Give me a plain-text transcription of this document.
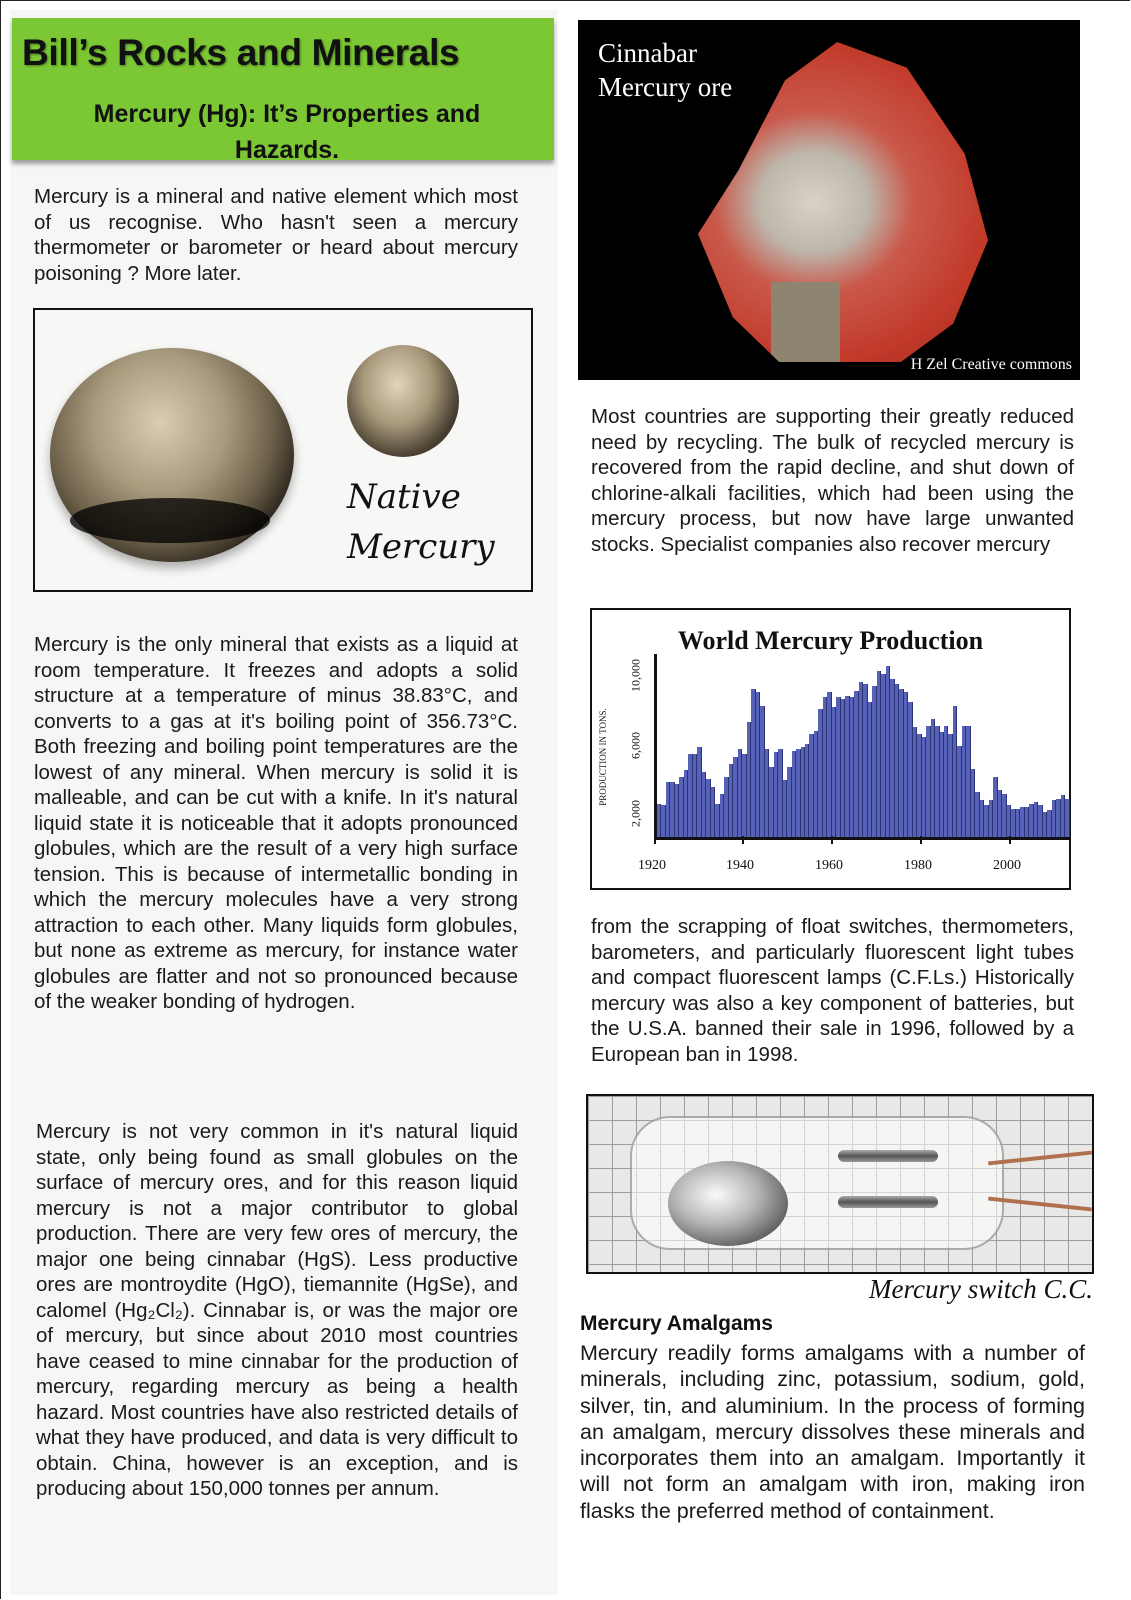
Bill’s Rocks and Minerals
Mercury (Hg): It’s Properties and Hazards.
Mercury is a mineral and native element which most of us recognise. Who hasn't seen a mercury thermometer or barometer or heard about mercury poisoning ? More later.
Native
Mercury
Mercury is the only mineral that exists as a liquid at room temperature. It freezes and adopts a solid structure at a temperature of minus 38.83°C, and converts to a gas at it's boiling point of 356.73°C. Both freezing and boiling point temperatures are the lowest of any mineral. When mercury is solid it is malleable, and can be cut with a knife. In it's natural liquid state it is noticeable that it adopts pronounced globules, which are the result of a very high surface tension. This is because of intermetallic bonding in which the mercury molecules have a very strong attraction to each other. Many liquids form globules, but none as extreme as mercury, for instance water globules are flatter and not so pronounced because of the weaker bonding of hydrogen.
Mercury is not very common in it's natural liquid state, only being found as small globules on the surface of mercury ores, and for this reason liquid mercury is not a major contributor to global production. There are very few ores of mercury, the major one being cinnabar (HgS). Less productive ores are montroydite (HgO), tiemannite (HgSe), and calomel (Hg₂Cl₂). Cinnabar is, or was the major ore of mercury, but since about 2010 most countries have ceased to mine cinnabar for the production of mercury, regarding mercury as being a health hazard. Most countries have also restricted details of what they have produced, and data is very difficult to obtain. China, however is an exception, and is producing about 150,000 tonnes per annum.
Cinnabar
Mercury ore
H Zel Creative commons
Most countries are supporting their greatly reduced need by recycling. The bulk of recycled mercury is recovered from the rapid decline, and shut down of chlorine-alkali facilities, which had been using the mercury process, but now have large unwanted stocks. Specialist companies also recover mercury
World Mercury Production
PRODUCTION IN TONS.
2,000
6,000
10,000
1920	1940	1960	1980	2000
from the scrapping of float switches, thermometers, barometers, and particularly fluorescent light tubes and compact fluorescent lamps (C.F.Ls.) Historically mercury was also a key component of batteries, but the U.S.A. banned their sale in 1996, followed by a European ban in 1998.
Mercury switch C.C.
Mercury Amalgams
Mercury readily forms amalgams with a number of minerals, including zinc, potassium, sodium, gold, silver, tin, and aluminium. In the process of forming an amalgam, mercury dissolves these minerals and incorporates them into an amalgam. Importantly it will not form an amalgam with iron, making iron flasks the preferred method of containment.
